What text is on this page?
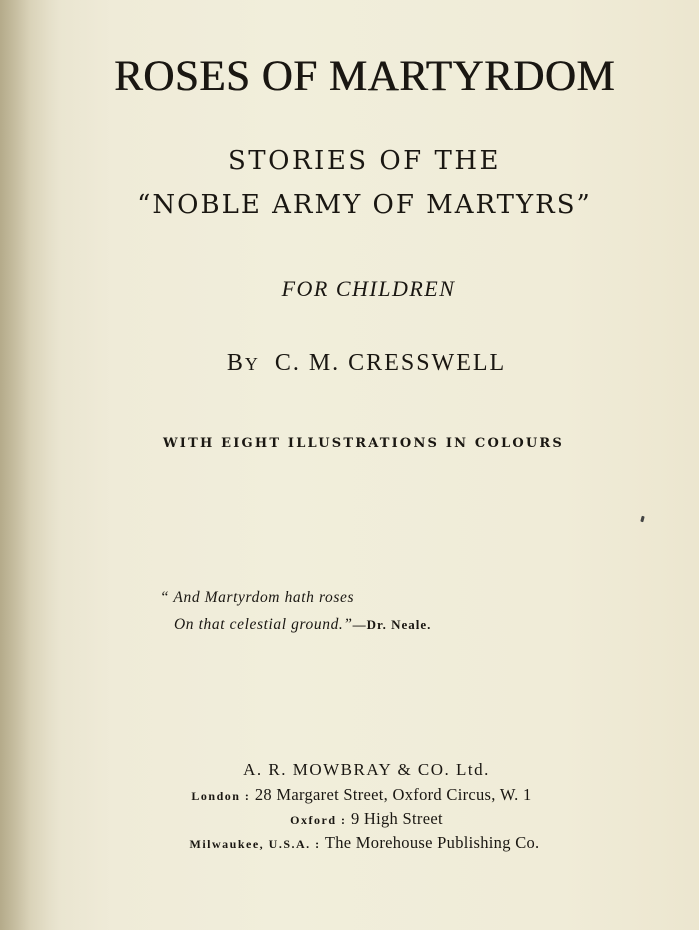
ROSES OF MARTYRDOM
STORIES OF THE
“NOBLE ARMY OF MARTYRS”
FOR CHILDREN
BY C. M. CRESSWELL
WITH EIGHT ILLUSTRATIONS IN COLOURS
“ And Martyrdom hath roses
On that celestial ground.”—Dr. Neale.
A. R. MOWBRAY & CO. Ltd.
London : 28 Margaret Street, Oxford Circus, W. 1
Oxford : 9 High Street
Milwaukee, U.S.A. : The Morehouse Publishing Co.
